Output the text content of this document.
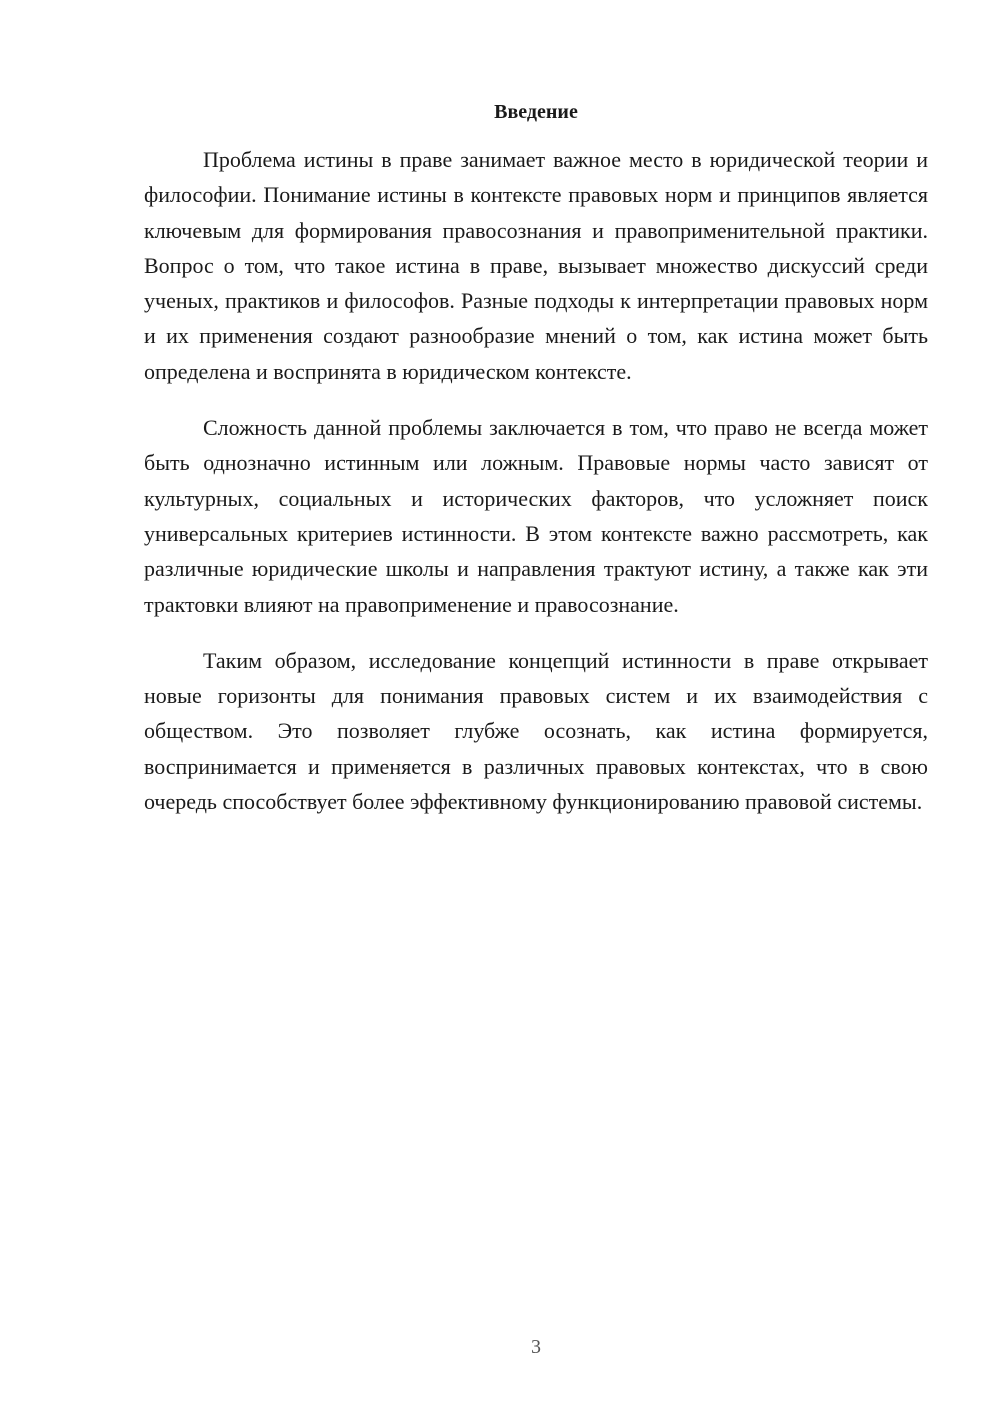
Введение

Проблема истины в праве занимает важное место в юридической теории и философии. Понимание истины в контексте правовых норм и принципов является ключевым для формирования правосознания и правоприменительной практики. Вопрос о том, что такое истина в праве, вызывает множество дискуссий среди ученых, практиков и философов. Разные подходы к интерпретации правовых норм и их применения создают разнообразие мнений о том, как истина может быть определена и воспринята в юридическом контексте.

Сложность данной проблемы заключается в том, что право не всегда может быть однозначно истинным или ложным. Правовые нормы часто зависят от культурных, социальных и исторических факторов, что усложняет поиск универсальных критериев истинности. В этом контексте важно рассмотреть, как различные юридические школы и направления трактуют истину, а также как эти трактовки влияют на правоприменение и правосознание.

Таким образом, исследование концепций истинности в праве открывает новые горизонты для понимания правовых систем и их взаимодействия с обществом. Это позволяет глубже осознать, как истина формируется, воспринимается и применяется в различных правовых контекстах, что в свою очередь способствует более эффективному функционированию правовой системы.

3
